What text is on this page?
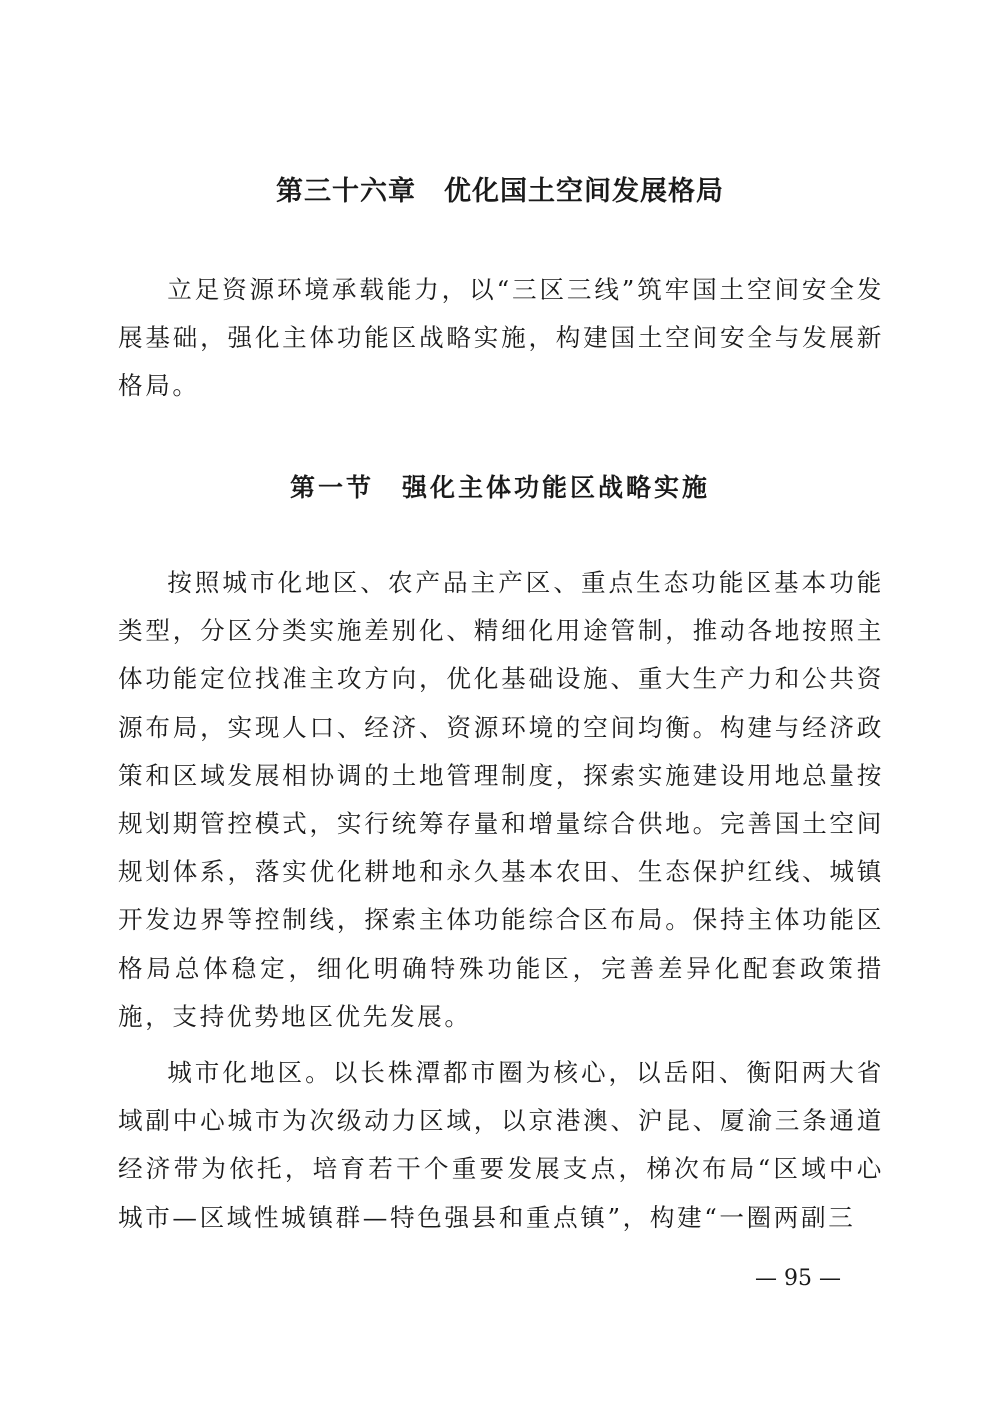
第三十六章　优化国土空间发展格局

立足资源环境承载能力，以“三区三线”筑牢国土空间安全发展基础，强化主体功能区战略实施，构建国土空间安全与发展新格局。

第一节　强化主体功能区战略实施

按照城市化地区、农产品主产区、重点生态功能区基本功能类型，分区分类实施差别化、精细化用途管制，推动各地按照主体功能定位找准主攻方向，优化基础设施、重大生产力和公共资源布局，实现人口、经济、资源环境的空间均衡。构建与经济政策和区域发展相协调的土地管理制度，探索实施建设用地总量按规划期管控模式，实行统筹存量和增量综合供地。完善国土空间规划体系，落实优化耕地和永久基本农田、生态保护红线、城镇开发边界等控制线，探索主体功能综合区布局。保持主体功能区格局总体稳定，细化明确特殊功能区，完善差异化配套政策措施，支持优势地区优先发展。

城市化地区。以长株潭都市圈为核心，以岳阳、衡阳两大省域副中心城市为次级动力区域，以京港澳、沪昆、厦渝三条通道经济带为依托，培育若干个重要发展支点，梯次布局“区域中心城市—区域性城镇群—特色强县和重点镇”，构建“一圈两副三

— 95 —
